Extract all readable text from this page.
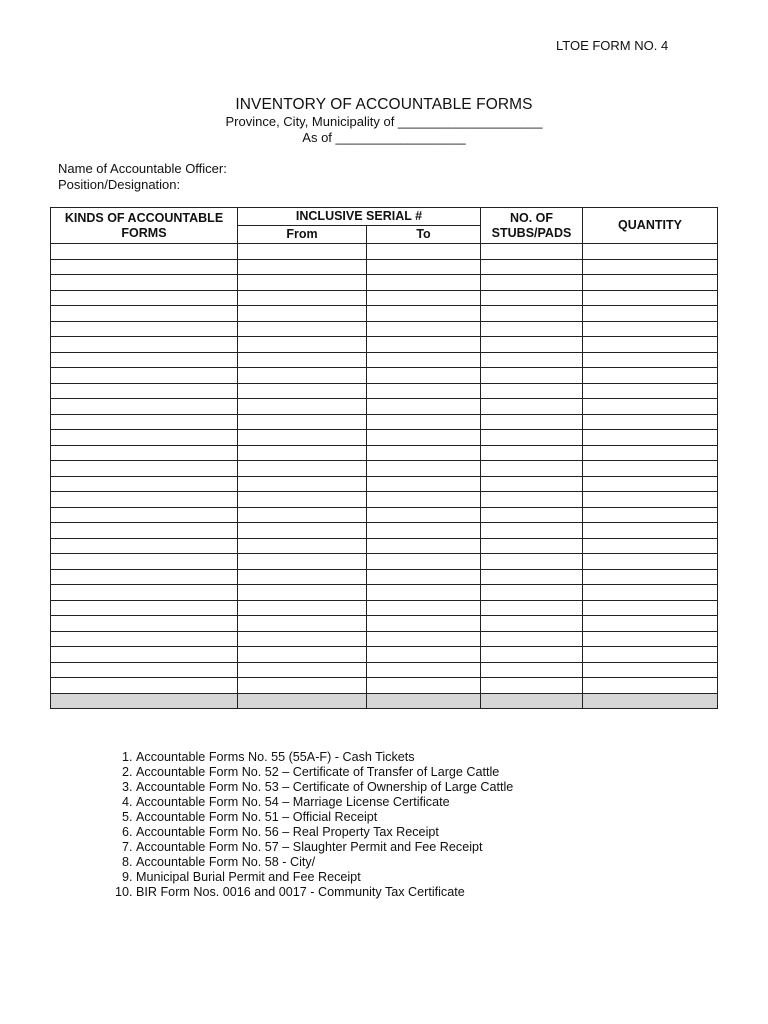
LTOE FORM NO. 4
INVENTORY OF ACCOUNTABLE FORMS
Province, City, Municipality of ____________________
As of __________________
Name of Accountable Officer:
Position/Designation:
KINDS OF ACCOUNTABLE FORMS	INCLUSIVE SERIAL #		NO. OF STUBS/PADS	QUANTITY
	From	To		

1. Accountable Forms No. 55 (55A-F) - Cash Tickets
2. Accountable Form No. 52 – Certificate of Transfer of Large Cattle
3. Accountable Form No. 53 – Certificate of Ownership of Large Cattle
4. Accountable Form No. 54 – Marriage License Certificate
5. Accountable Form No. 51 – Official Receipt
6. Accountable Form No. 56 – Real Property Tax Receipt
7. Accountable Form No. 57 – Slaughter Permit and Fee Receipt
8. Accountable Form No. 58 - City/
9. Municipal Burial Permit and Fee Receipt
10. BIR Form Nos. 0016 and 0017 - Community Tax Certificate
